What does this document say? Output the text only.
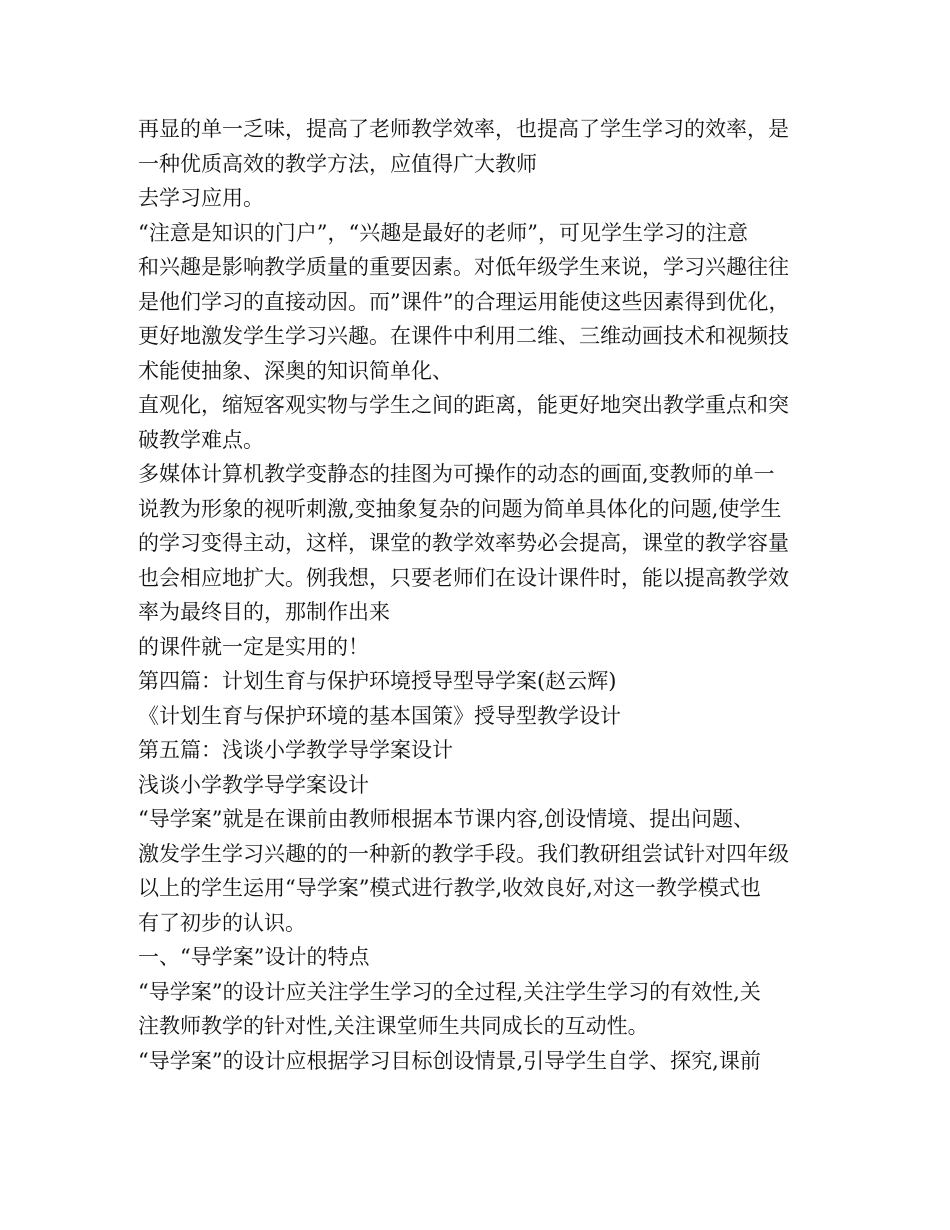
再显的单一乏味，提高了老师教学效率，也提高了学生学习的效率，是
一种优质高效的教学方法，应值得广大教师
去学习应用。
“注意是知识的门户”，“兴趣是最好的老师”，可见学生学习的注意
和兴趣是影响教学质量的重要因素。对低年级学生来说，学习兴趣往往
是他们学习的直接动因。而”课件”的合理运用能使这些因素得到优化，
更好地激发学生学习兴趣。在课件中利用二维、三维动画技术和视频技
术能使抽象、深奥的知识简单化、
直观化，缩短客观实物与学生之间的距离，能更好地突出教学重点和突
破教学难点。
多媒体计算机教学变静态的挂图为可操作的动态的画面,变教师的单一
说教为形象的视听刺激,变抽象复杂的问题为简单具体化的问题,使学生
的学习变得主动，这样，课堂的教学效率势必会提高，课堂的教学容量
也会相应地扩大。例我想，只要老师们在设计课件时，能以提高教学效
率为最终目的，那制作出来
的课件就一定是实用的！
第四篇：计划生育与保护环境授导型导学案(赵云辉)
《计划生育与保护环境的基本国策》授导型教学设计
第五篇：浅谈小学教学导学案设计
浅谈小学教学导学案设计
“导学案”就是在课前由教师根据本节课内容,创设情境、提出问题、
激发学生学习兴趣的的一种新的教学手段。我们教研组尝试针对四年级
以上的学生运用“导学案”模式进行教学,收效良好,对这一教学模式也
有了初步的认识。
一、“导学案”设计的特点
“导学案”的设计应关注学生学习的全过程,关注学生学习的有效性,关
注教师教学的针对性,关注课堂师生共同成长的互动性。
“导学案”的设计应根据学习目标创设情景,引导学生自学、探究,课前
